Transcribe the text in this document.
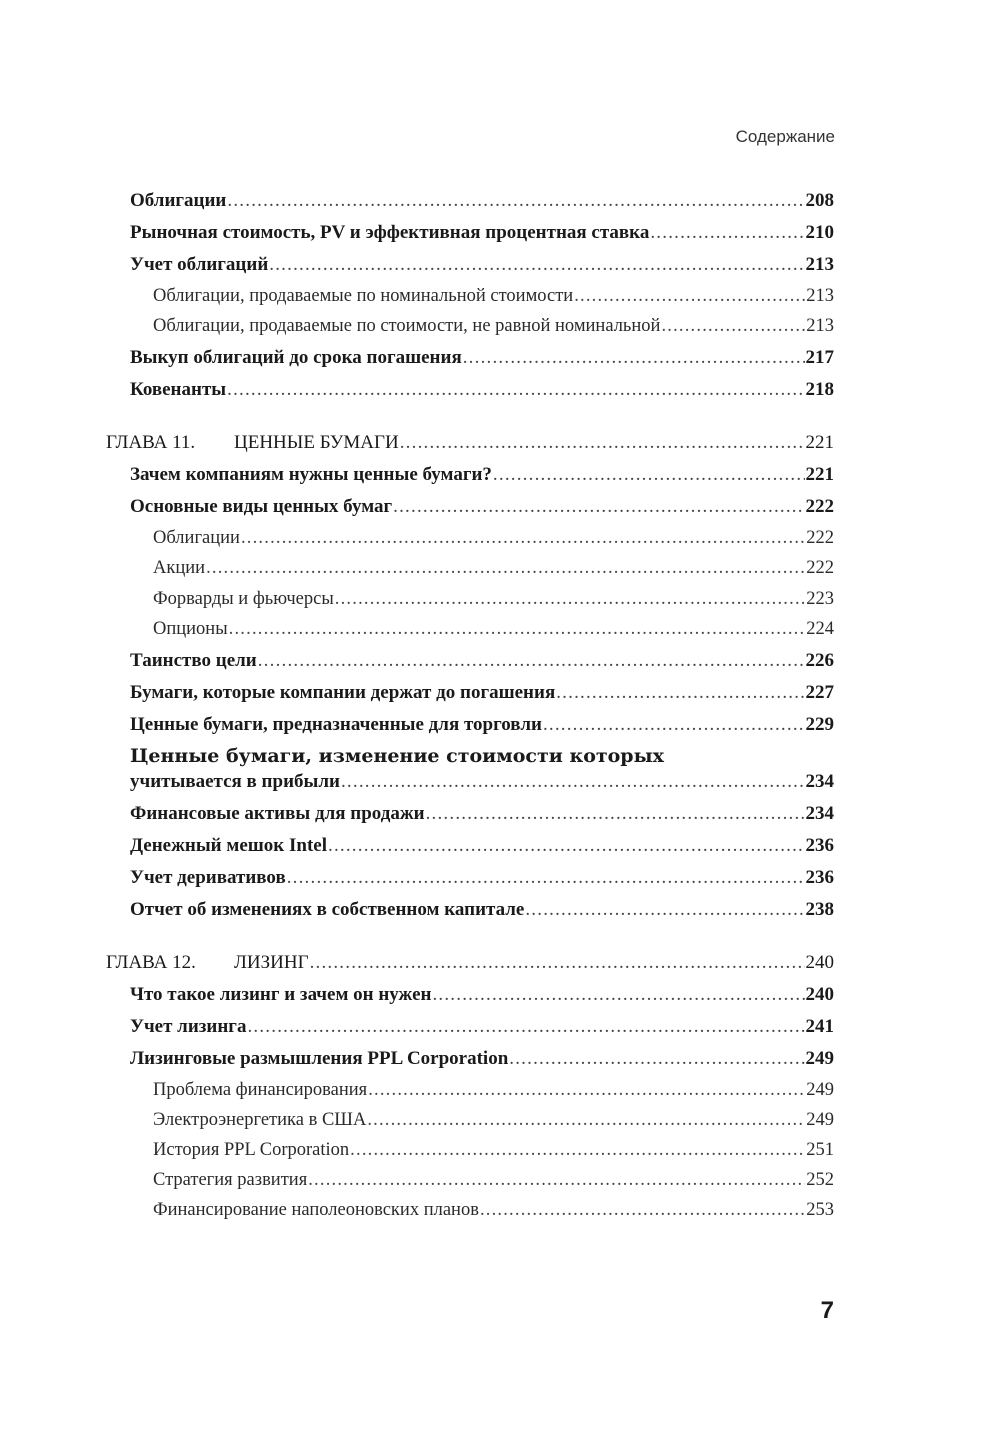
Содержание
Облигации .....	208
Рыночная стоимость, PV и эффективная процентная ставка .....	210
Учет облигаций .....	213
Облигации, продаваемые по номинальной стоимости .....	213
Облигации, продаваемые по стоимости, не равной номинальной .....	213
Выкуп облигаций до срока погашения .....	217
Ковенанты .....	218
ГЛАВА 11. ЦЕННЫЕ БУМАГИ .....	221
Зачем компаниям нужны ценные бумаги? .....	221
Основные виды ценных бумаг .....	222
Облигации .....	222
Акции .....	222
Форварды и фьючерсы .....	223
Опционы .....	224
Таинство цели .....	226
Бумаги, которые компании держат до погашения .....	227
Ценные бумаги, предназначенные для торговли .....	229
Ценные бумаги, изменение стоимости которых
учитывается в прибыли .....	234
Финансовые активы для продажи .....	234
Денежный мешок Intel .....	236
Учет деривативов .....	236
Отчет об изменениях в собственном капитале .....	238
ГЛАВА 12. ЛИЗИНГ .....	240
Что такое лизинг и зачем он нужен .....	240
Учет лизинга .....	241
Лизинговые размышления PPL Corporation .....	249
Проблема финансирования .....	249
Электроэнергетика в США .....	249
История PPL Corporation .....	251
Стратегия развития .....	252
Финансирование наполеоновских планов .....	253
7
